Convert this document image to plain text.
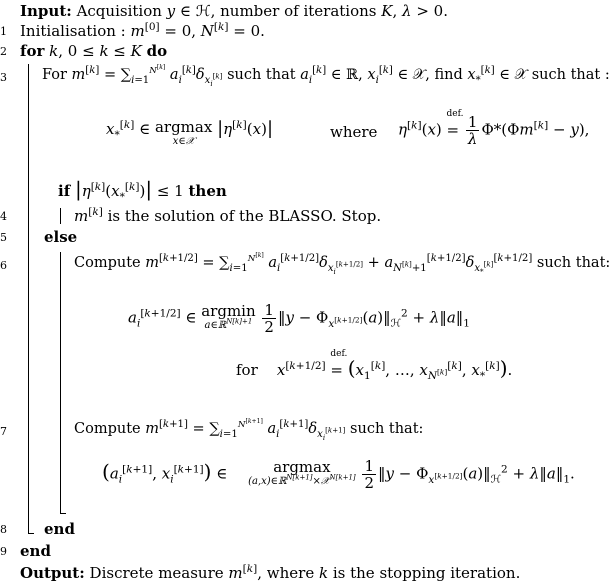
Input: Acquisition y ∈ ℋ, number of iterations K, λ > 0.
1 Initialisation : m[0] = 0, N[k] = 0.
2 for k, 0 ≤ k ≤ K do
3	For $m[k] = \sum_{i=1}^{N^{[k]}}$ $a_i[k]\delta_{x_i^{[k]}}$ such that $a_i[k]$ ∈ ℝ, $x_i[k]$ ∈ 𝒳, find $x_*[k]$ ∈ 𝒳 such that :
$x_*[k]$ ∈ argmax
x∈𝒳
|η[k](x)|	where η[k](x)
def.
= $\frac{1}{\lambda} \Phi*(\Phi m[k] - y)$,
if $|\eta[k](x_*[k])| \le 1$ then
4	m[k] is the solution of the BLASSO. Stop.
5	else
6	Compute $m[k+1/2] = \sum_{i=1}^{N^{[k]}}$ $a_i[k+1/2]\delta_{x_i^{[k+1/2]}} + a_{N^{[k]}+1}[k+1/2]\delta_{x_*^{[k]}}[k+1/2]$ such that:
$a_i[k+1/2]$ ∈ argmin
a∈ℝ$^{N[k]+1}$
$\frac{1}{2}$ ‖y − $\Phi_{x^{[k+1/2]}}(a)‖_ℋ^2$ + $\lambda‖a‖_1$
for x[k+1/2]
def.
= ($x_1[k]$, …, $x_{N^{[k]}}[k]$, $x_*[k]$).
7	Compute $m[k+1] = \sum_{i=1}^{N^{[k+1]}}$ $a_i[k+1]\delta_{x_i^{[k+1]}}$ such that:
($a_i[k+1]$, $x_i[k+1]$) ∈	argmax
(a,x)∈ℝ$^{N[k+1]}$×𝒳$^{N[k+1]}$
$\frac{1}{2}$ ‖y − $\Phi_{x^{[k+1/2]}}(a)‖_ℋ^2$ + $\lambda‖a‖_1$.
8	end
9 end
Output: Discrete measure m[k], where k is the stopping iteration.
